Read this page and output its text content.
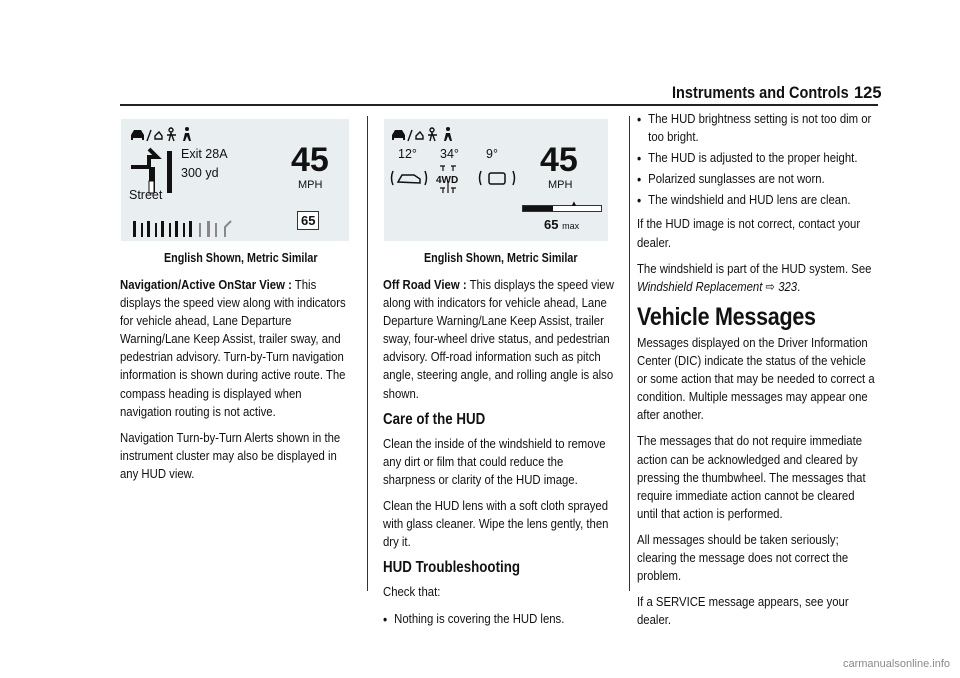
Instruments and Controls 125
Exit 28A
300 yd
Street
45
MPH
65
English Shown, Metric Similar
12° 34° 9°
4WD
45
MPH
▲
65 max
English Shown, Metric Similar

Navigation/Active OnStar View : This displays the speed view along with indicators for vehicle ahead, Lane Departure Warning/Lane Keep Assist, trailer sway, and pedestrian advisory. Turn-by-Turn navigation information is shown during active route. The compass heading is displayed when navigation routing is not active.

Navigation Turn-by-Turn Alerts shown in the instrument cluster may also be displayed in any HUD view.

Off Road View : This displays the speed view along with indicators for vehicle ahead, Lane Departure Warning/Lane Keep Assist, trailer sway, four-wheel drive status, and pedestrian advisory. Off-road information such as pitch angle, steering angle, and rolling angle is also shown.

Care of the HUD

Clean the inside of the windshield to remove any dirt or film that could reduce the sharpness or clarity of the HUD image.

Clean the HUD lens with a soft cloth sprayed with glass cleaner. Wipe the lens gently, then dry it.

HUD Troubleshooting

Check that:

• Nothing is covering the HUD lens.
• The HUD brightness setting is not too dim or too bright.
• The HUD is adjusted to the proper height.
• Polarized sunglasses are not worn.
• The windshield and HUD lens are clean.

If the HUD image is not correct, contact your dealer.

The windshield is part of the HUD system. See Windshield Replacement ⇨ 323.

Vehicle Messages

Messages displayed on the Driver Information Center (DIC) indicate the status of the vehicle or some action that may be needed to correct a condition. Multiple messages may appear one after another.

The messages that do not require immediate action can be acknowledged and cleared by pressing the thumbwheel. The messages that require immediate action cannot be cleared until that action is performed.

All messages should be taken seriously; clearing the message does not correct the problem.

If a SERVICE message appears, see your dealer.

carmanualsonline.info
